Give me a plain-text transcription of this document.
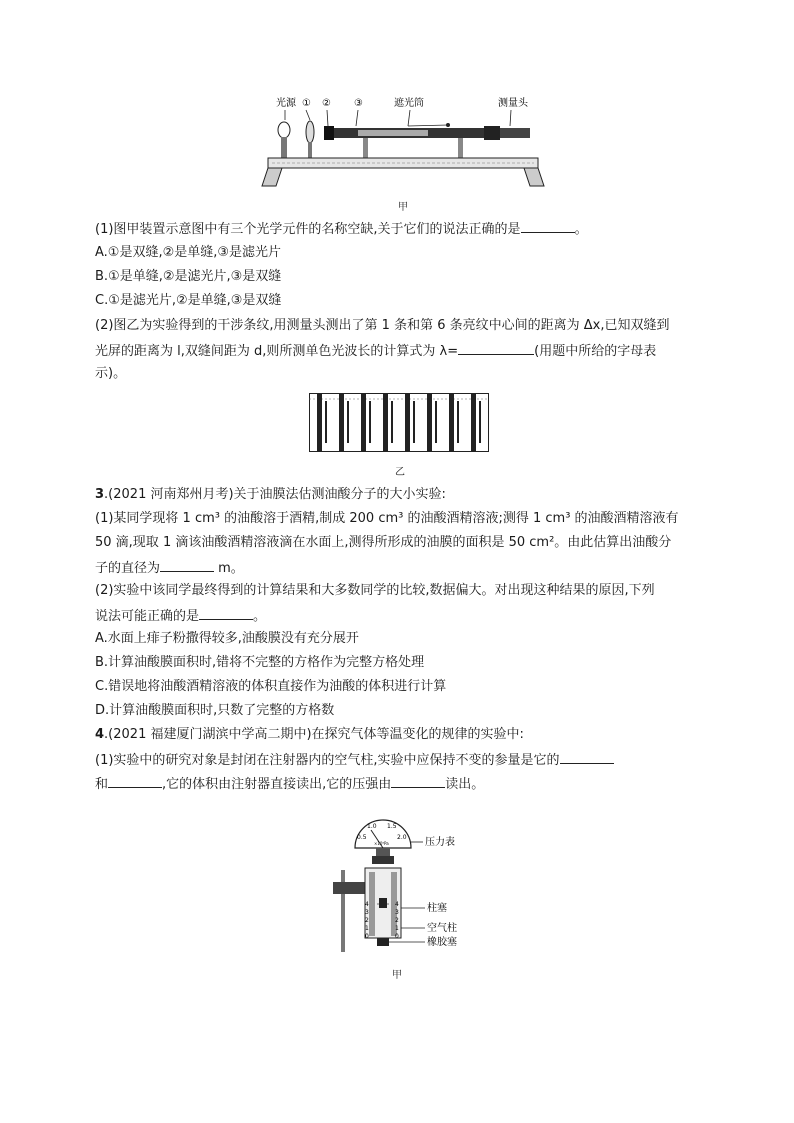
光源 ① ② ③	遮光筒	测量头
甲
(1)图甲装置示意图中有三个光学元件的名称空缺,关于它们的说法正确的是	。
A.①是双缝,②是单缝,③是滤光片
B.①是单缝,②是滤光片,③是双缝
C.①是滤光片,②是单缝,③是双缝
(2)图乙为实验得到的干涉条纹,用测量头测出了第 1 条和第 6 条亮纹中心间的距离为 Δx,已知双缝到
光屏的距离为 l,双缝间距为 d,则所测单色光波长的计算式为 λ=	(用题中所给的字母表
示)。
乙
3.(2021 河南郑州月考)关于油膜法估测油酸分子的大小实验:
(1)某同学现将 1 cm³ 的油酸溶于酒精,制成 200 cm³ 的油酸酒精溶液;测得 1 cm³ 的油酸酒精溶液有
50 滴,现取 1 滴该油酸酒精溶液滴在水面上,测得所形成的油膜的面积是 50 cm²。由此估算出油酸分
子的直径为	m。
(2)实验中该同学最终得到的计算结果和大多数同学的比较,数据偏大。对出现这种结果的原因,下列
说法可能正确的是	。
A.水面上痱子粉撒得较多,油酸膜没有充分展开
B.计算油酸膜面积时,错将不完整的方格作为完整方格处理
C.错误地将油酸酒精溶液的体积直接作为油酸的体积进行计算
D.计算油酸膜面积时,只数了完整的方格数
4.(2021 福建厦门湖滨中学高二期中)在探究气体等温变化的规律的实验中:
(1)实验中的研究对象是封闭在注射器内的空气柱,实验中应保持不变的参量是它的
和	,它的体积由注射器直接读出,它的压强由	读出。
0.5
1.0 1.5
2.0
×10⁵Pa	压力表
4
3
2
1
0
4
3
2
1
0
柱塞
空气柱
橡胶塞
甲
